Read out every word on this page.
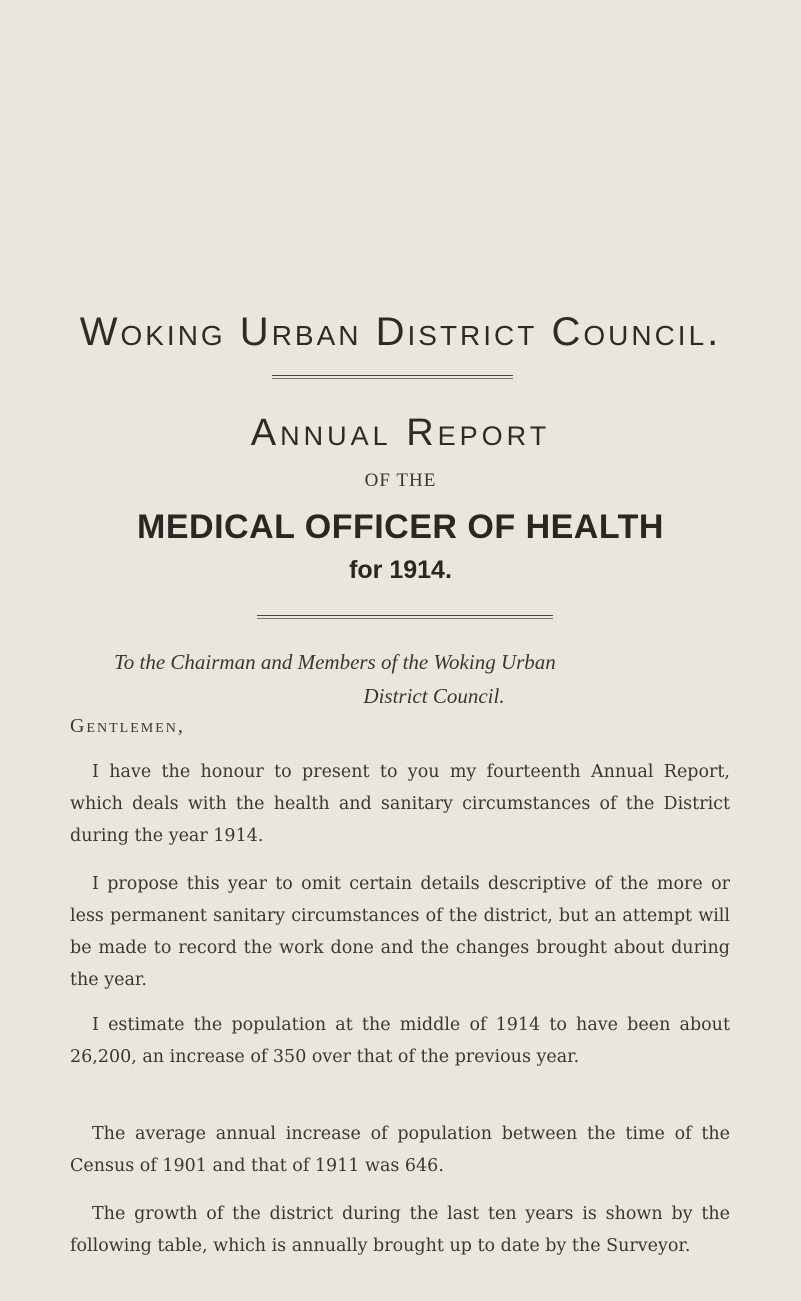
Woking Urban District Council.
Annual Report
OF THE
MEDICAL OFFICER OF HEALTH
for 1914.
To the Chairman and Members of the Woking Urban
District Council.
Gentlemen,

I have the honour to present to you my fourteenth Annual Report, which deals with the health and sanitary circumstances of the District during the year 1914.

I propose this year to omit certain details descriptive of the more or less permanent sanitary circumstances of the district, but an attempt will be made to record the work done and the changes brought about during the year.

I estimate the population at the middle of 1914 to have been about 26,200, an increase of 350 over that of the previous year.

The average annual increase of population between the time of the Census of 1901 and that of 1911 was 646.

The growth of the district during the last ten years is shown by the following table, which is annually brought up to date by the Surveyor.
